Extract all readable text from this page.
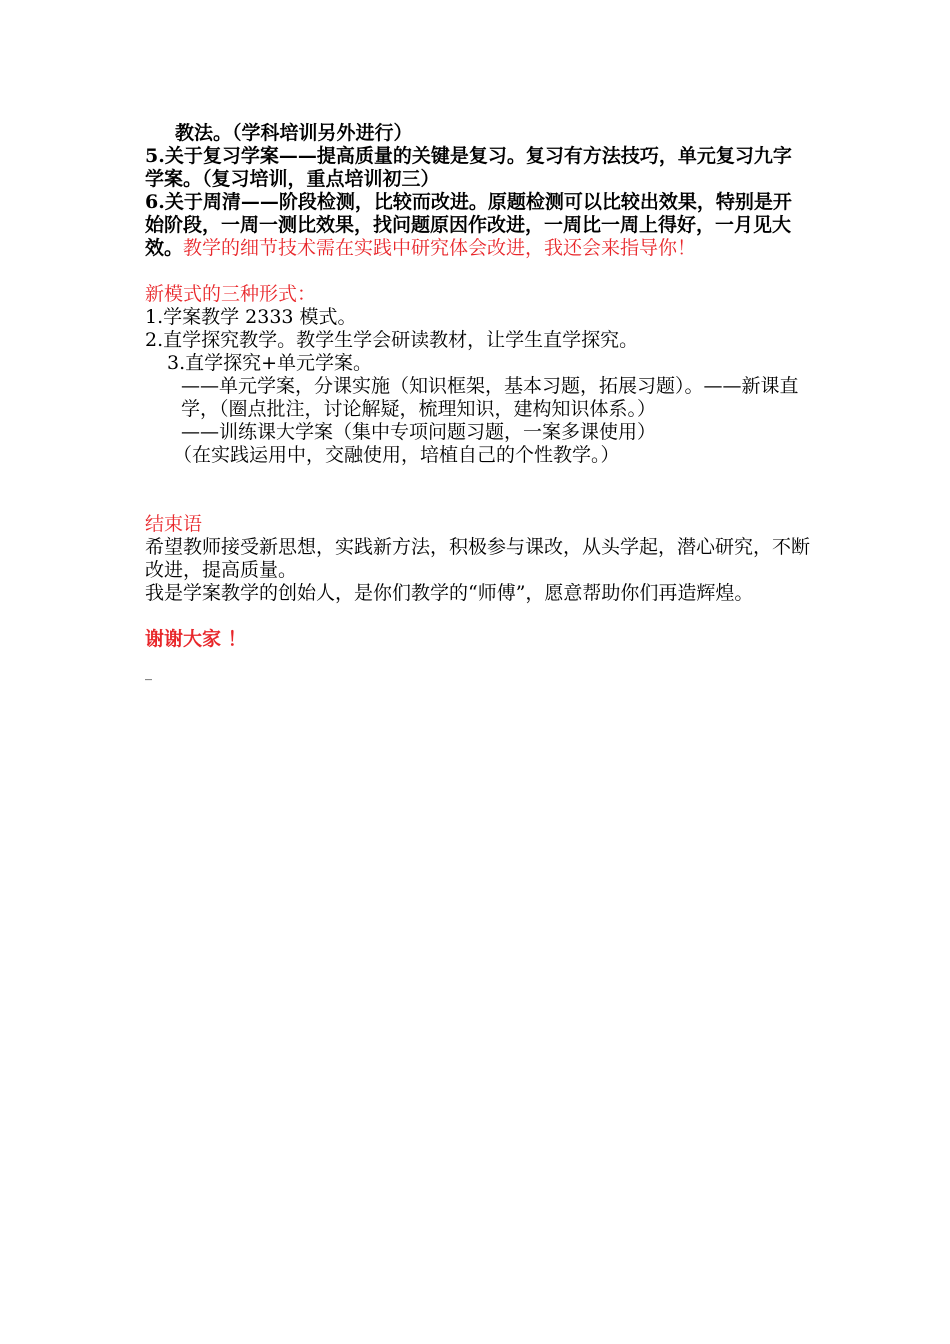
教法。（学科培训另外进行）

5.关于复习学案——提高质量的关键是复习。复习有方法技巧，单元复习九字学案。（复习培训，重点培训初三）

6.关于周清——阶段检测，比较而改进。原题检测可以比较出效果，特别是开始阶段，一周一测比效果，找问题原因作改进，一周比一周上得好，一月见大效。教学的细节技术需在实践中研究体会改进，我还会来指导你！

新模式的三种形式：

1.学案教学 2333 模式。

2.直学探究教学。教学生学会研读教材，让学生直学探究。

3.直学探究+单元学案。

——单元学案，分课实施（知识框架，基本习题，拓展习题）。——新课直学，（圈点批注，讨论解疑，梳理知识，建构知识体系。）

——训练课大学案（集中专项问题习题，一案多课使用）

（在实践运用中，交融使用，培植自己的个性教学。）

结束语

希望教师接受新思想，实践新方法，积极参与课改，从头学起，潜心研究，不断改进，提高质量。

我是学案教学的创始人，是你们教学的“师傅”，愿意帮助你们再造辉煌。

谢谢大家 ！

_
